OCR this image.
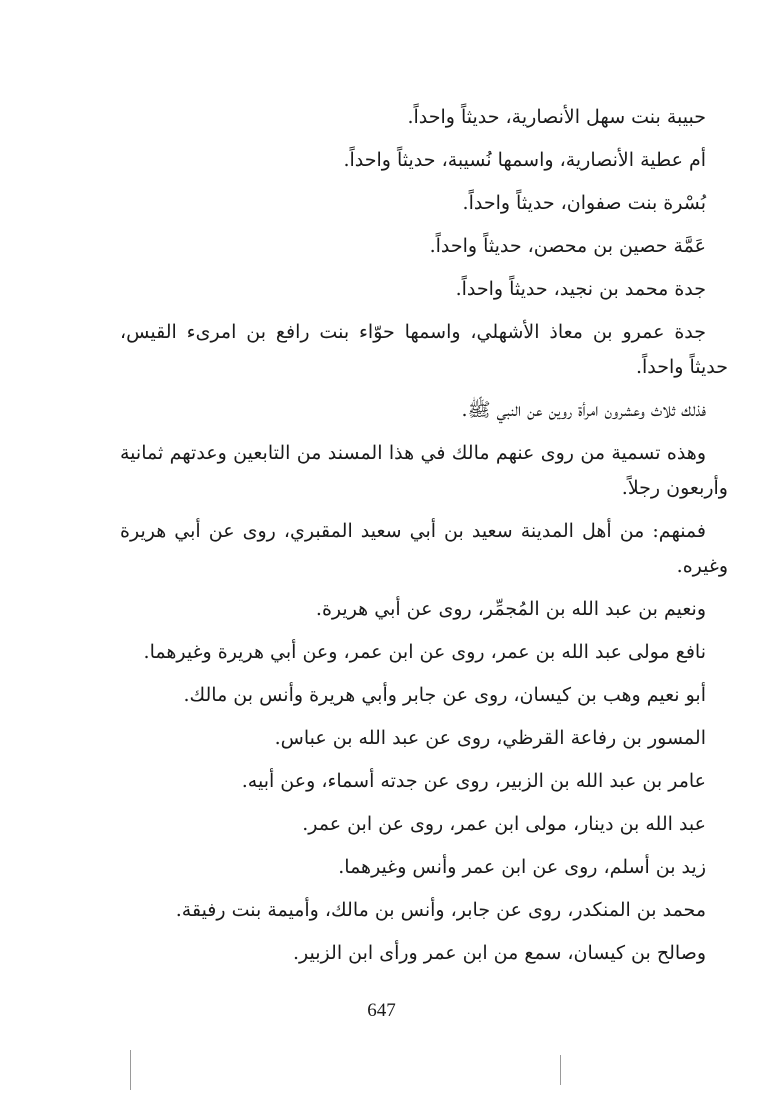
حبيبة بنت سهل الأنصارية، حديثاً واحداً.

أم عطية الأنصارية، واسمها نُسيبة، حديثاً واحداً.

بُسْرة بنت صفوان، حديثاً واحداً.

عَمَّة حصين بن محصن، حديثاً واحداً.

جدة محمد بن نجيد، حديثاً واحداً.

جدة عمرو بن معاذ الأشهلي، واسمها حوّاء بنت رافع بن امرىء القيس، حديثاً واحداً.

فذلك ثلاث وعشرون امرأة روين عن النبي ﷺ.

وهذه تسمية من روى عنهم مالك في هذا المسند من التابعين وعدتهم ثمانية وأربعون رجلاً.

فمنهم: من أهل المدينة سعيد بن أبي سعيد المقبري، روى عن أبي هريرة وغيره.

ونعيم بن عبد الله بن المُجمِّر، روى عن أبي هريرة.

نافع مولى عبد الله بن عمر، روى عن ابن عمر، وعن أبي هريرة وغيرهما.

أبو نعيم وهب بن كيسان، روى عن جابر وأبي هريرة وأنس بن مالك.

المسور بن رفاعة القرظي، روى عن عبد الله بن عباس.

عامر بن عبد الله بن الزبير، روى عن جدته أسماء، وعن أبيه.

عبد الله بن دينار، مولى ابن عمر، روى عن ابن عمر.

زيد بن أسلم، روى عن ابن عمر وأنس وغيرهما.

محمد بن المنكدر، روى عن جابر، وأنس بن مالك، وأميمة بنت رفيقة.

وصالح بن كيسان، سمع من ابن عمر ورأى ابن الزبير.

647
